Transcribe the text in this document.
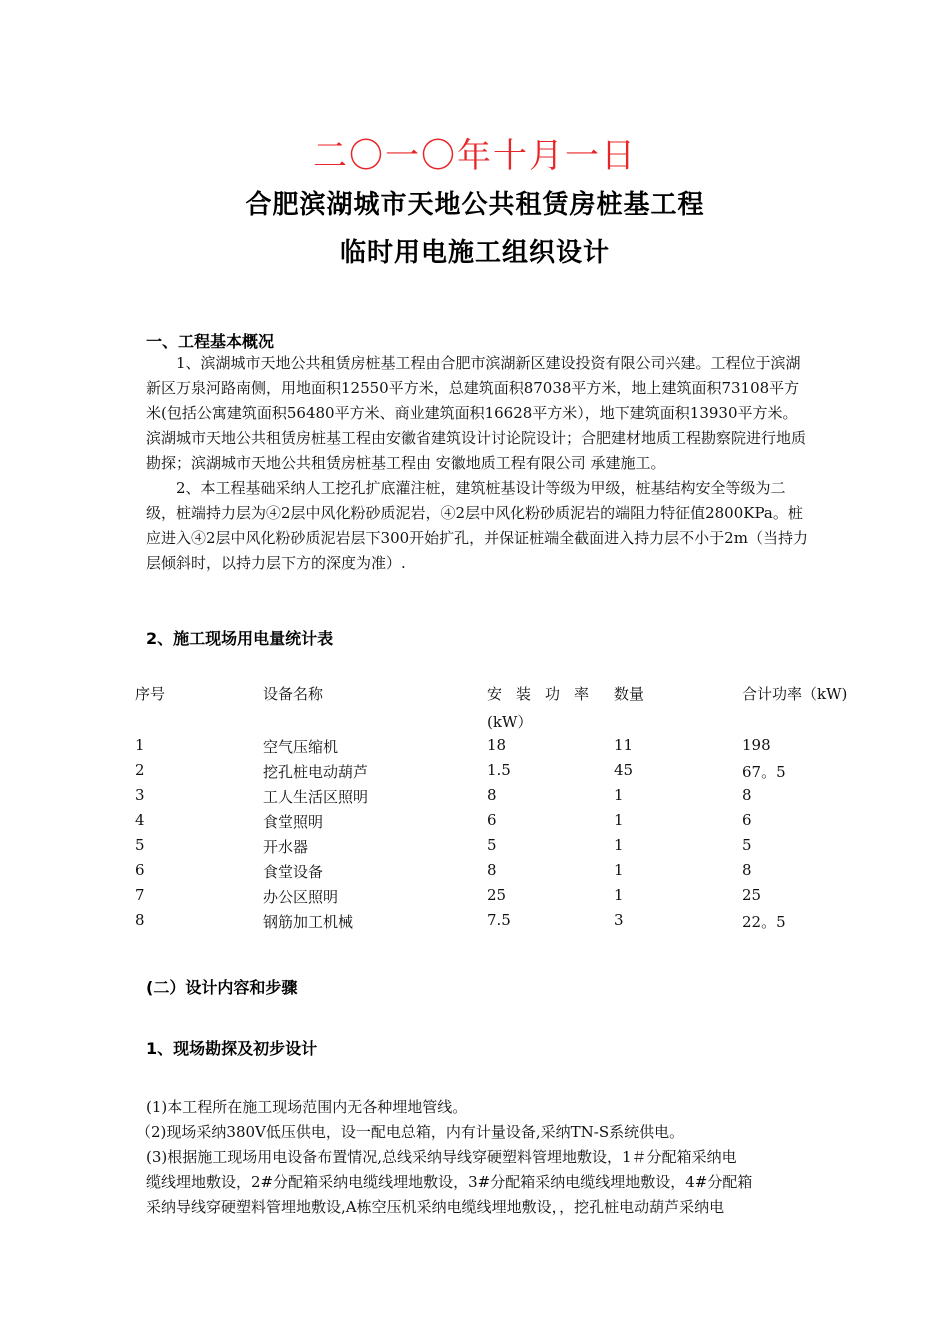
二〇一〇年十月一日
合肥滨湖城市天地公共租赁房桩基工程
临时用电施工组织设计
一、工程基本概况

1、滨湖城市天地公共租赁房桩基工程由合肥市滨湖新区建设投资有限公司兴建。工程位于滨湖新区万泉河路南侧，用地面积12550平方米，总建筑面积87038平方米，地上建筑面积73108平方米(包括公寓建筑面积56480平方米、商业建筑面积16628平方米），地下建筑面积13930平方米。滨湖城市天地公共租赁房桩基工程由安徽省建筑设计讨论院设计；合肥建材地质工程勘察院进行地质勘探；滨湖城市天地公共租赁房桩基工程由 安徽地质工程有限公司 承建施工。

2、本工程基础采纳人工挖孔扩底灌注桩，建筑桩基设计等级为甲级，桩基结构安全等级为二级，桩端持力层为④2层中风化粉砂质泥岩，④2层中风化粉砂质泥岩的端阻力特征值2800KPa。桩应进入④2层中风化粉砂质泥岩层下300开始扩孔，并保证桩端全截面进入持力层不小于2m（当持力层倾斜时，以持力层下方的深度为准）.

2、施工现场用电量统计表
序号	设备名称	安装功率 数量	合计功率（kW)
(kW）
1	空气压缩机	18	11	198
2	挖孔桩电动葫芦	1.5	45	67。5
3	工人生活区照明	8	1	8
4	食堂照明	6	1	6
5	开水器	5	1	5
6	食堂设备	8	1	8
7	办公区照明	25	1	25
8	钢筋加工机械	7.5	3	22。5
(二）设计内容和步骤
1、现场勘探及初步设计
(1)本工程所在施工现场范围内无各种埋地管线。
（2)现场采纳380V低压供电，设一配电总箱，内有计量设备,采纳TN-S系统供电。
(3)根据施工现场用电设备布置情况,总线采纳导线穿硬塑料管埋地敷设，1＃分配箱采纳电
缆线埋地敷设，2#分配箱采纳电缆线埋地敷设，3#分配箱采纳电缆线埋地敷设，4#分配箱
采纳导线穿硬塑料管埋地敷设,A栋空压机采纳电缆线埋地敷设，，挖孔桩电动葫芦采纳电
